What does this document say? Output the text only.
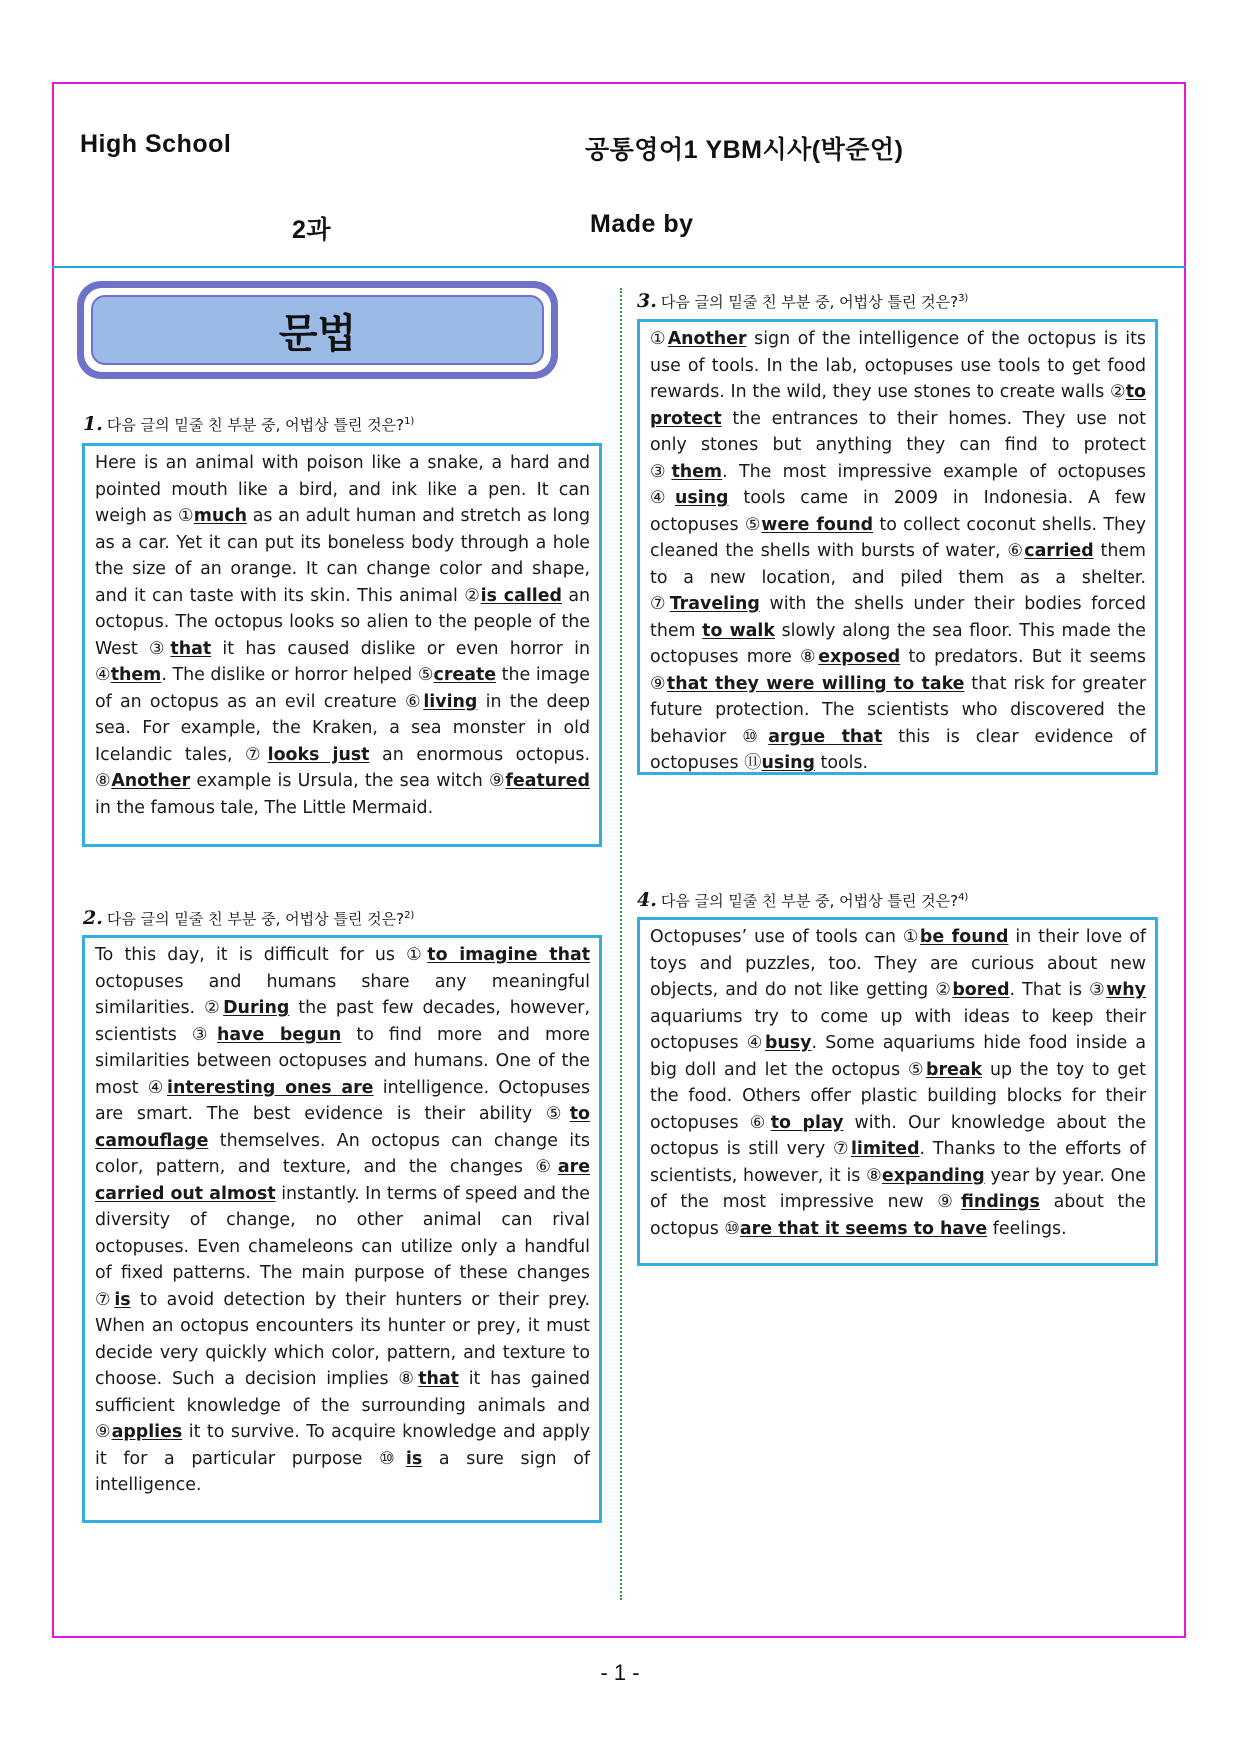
High School	공통영어1 YBM시사(박준언)
2과	Made by
문법
1. 다음 글의 밑줄 친 부분 중, 어법상 틀린 것은?$^{1)}$
Here is an animal with poison like a snake, a hard and pointed mouth like a bird, and ink like a pen. It can weigh as ①much as an adult human and stretch as long as a car. Yet it can put its boneless body through a hole the size of an orange. It can change color and shape, and it can taste with its skin. This animal ②is called an octopus. The octopus looks so alien to the people of the West ③that it has caused dislike or even horror in ④them. The dislike or horror helped ⑤create the image of an octopus as an evil creature ⑥living in the deep sea. For example, the Kraken, a sea monster in old Icelandic tales, ⑦looks just an enormous octopus. ⑧Another example is Ursula, the sea witch ⑨featured in the famous tale, The Little Mermaid.
2. 다음 글의 밑줄 친 부분 중, 어법상 틀린 것은?$^{2)}$
To this day, it is difficult for us ①to imagine that octopuses and humans share any meaningful similarities. ②During the past few decades, however, scientists ③have begun to find more and more similarities between octopuses and humans. One of the most ④interesting ones are intelligence. Octopuses are smart. The best evidence is their ability ⑤to camouflage themselves. An octopus can change its color, pattern, and texture, and the changes ⑥are carried out almost instantly. In terms of speed and the diversity of change, no other animal can rival octopuses. Even chameleons can utilize only a handful of fixed patterns. The main purpose of these changes ⑦is to avoid detection by their hunters or their prey. When an octopus encounters its hunter or prey, it must decide very quickly which color, pattern, and texture to choose. Such a decision implies ⑧that it has gained sufficient knowledge of the surrounding animals and ⑨applies it to survive. To acquire knowledge and apply it for a particular purpose ⑩is a sure sign of intelligence.
3. 다음 글의 밑줄 친 부분 중, 어법상 틀린 것은?$^{3)}$
①Another sign of the intelligence of the octopus is its use of tools. In the lab, octopuses use tools to get food rewards. In the wild, they use stones to create walls ②to protect the entrances to their homes. They use not only stones but anything they can find to protect ③them. The most impressive example of octopuses ④using tools came in 2009 in Indonesia. A few octopuses ⑤were found to collect coconut shells. They cleaned the shells with bursts of water, ⑥carried them to a new location, and piled them as a shelter. ⑦Traveling with the shells under their bodies forced them to walk slowly along the sea floor. This made the octopuses more ⑧exposed to predators. But it seems ⑨that they were willing to take that risk for greater future protection. The scientists who discovered the behavior ⑩argue that this is clear evidence of octopuses ⑪using tools.
4. 다음 글의 밑줄 친 부분 중, 어법상 틀린 것은?$^{4)}$
Octopuses’ use of tools can ①be found in their love of toys and puzzles, too. They are curious about new objects, and do not like getting ②bored. That is ③why aquariums try to come up with ideas to keep their octopuses ④busy. Some aquariums hide food inside a big doll and let the octopus ⑤break up the toy to get the food. Others offer plastic building blocks for their octopuses ⑥to play with. Our knowledge about the octopus is still very ⑦limited. Thanks to the efforts of scientists, however, it is ⑧expanding year by year. One of the most impressive new ⑨findings about the octopus ⑩are that it seems to have feelings.
- 1 -
